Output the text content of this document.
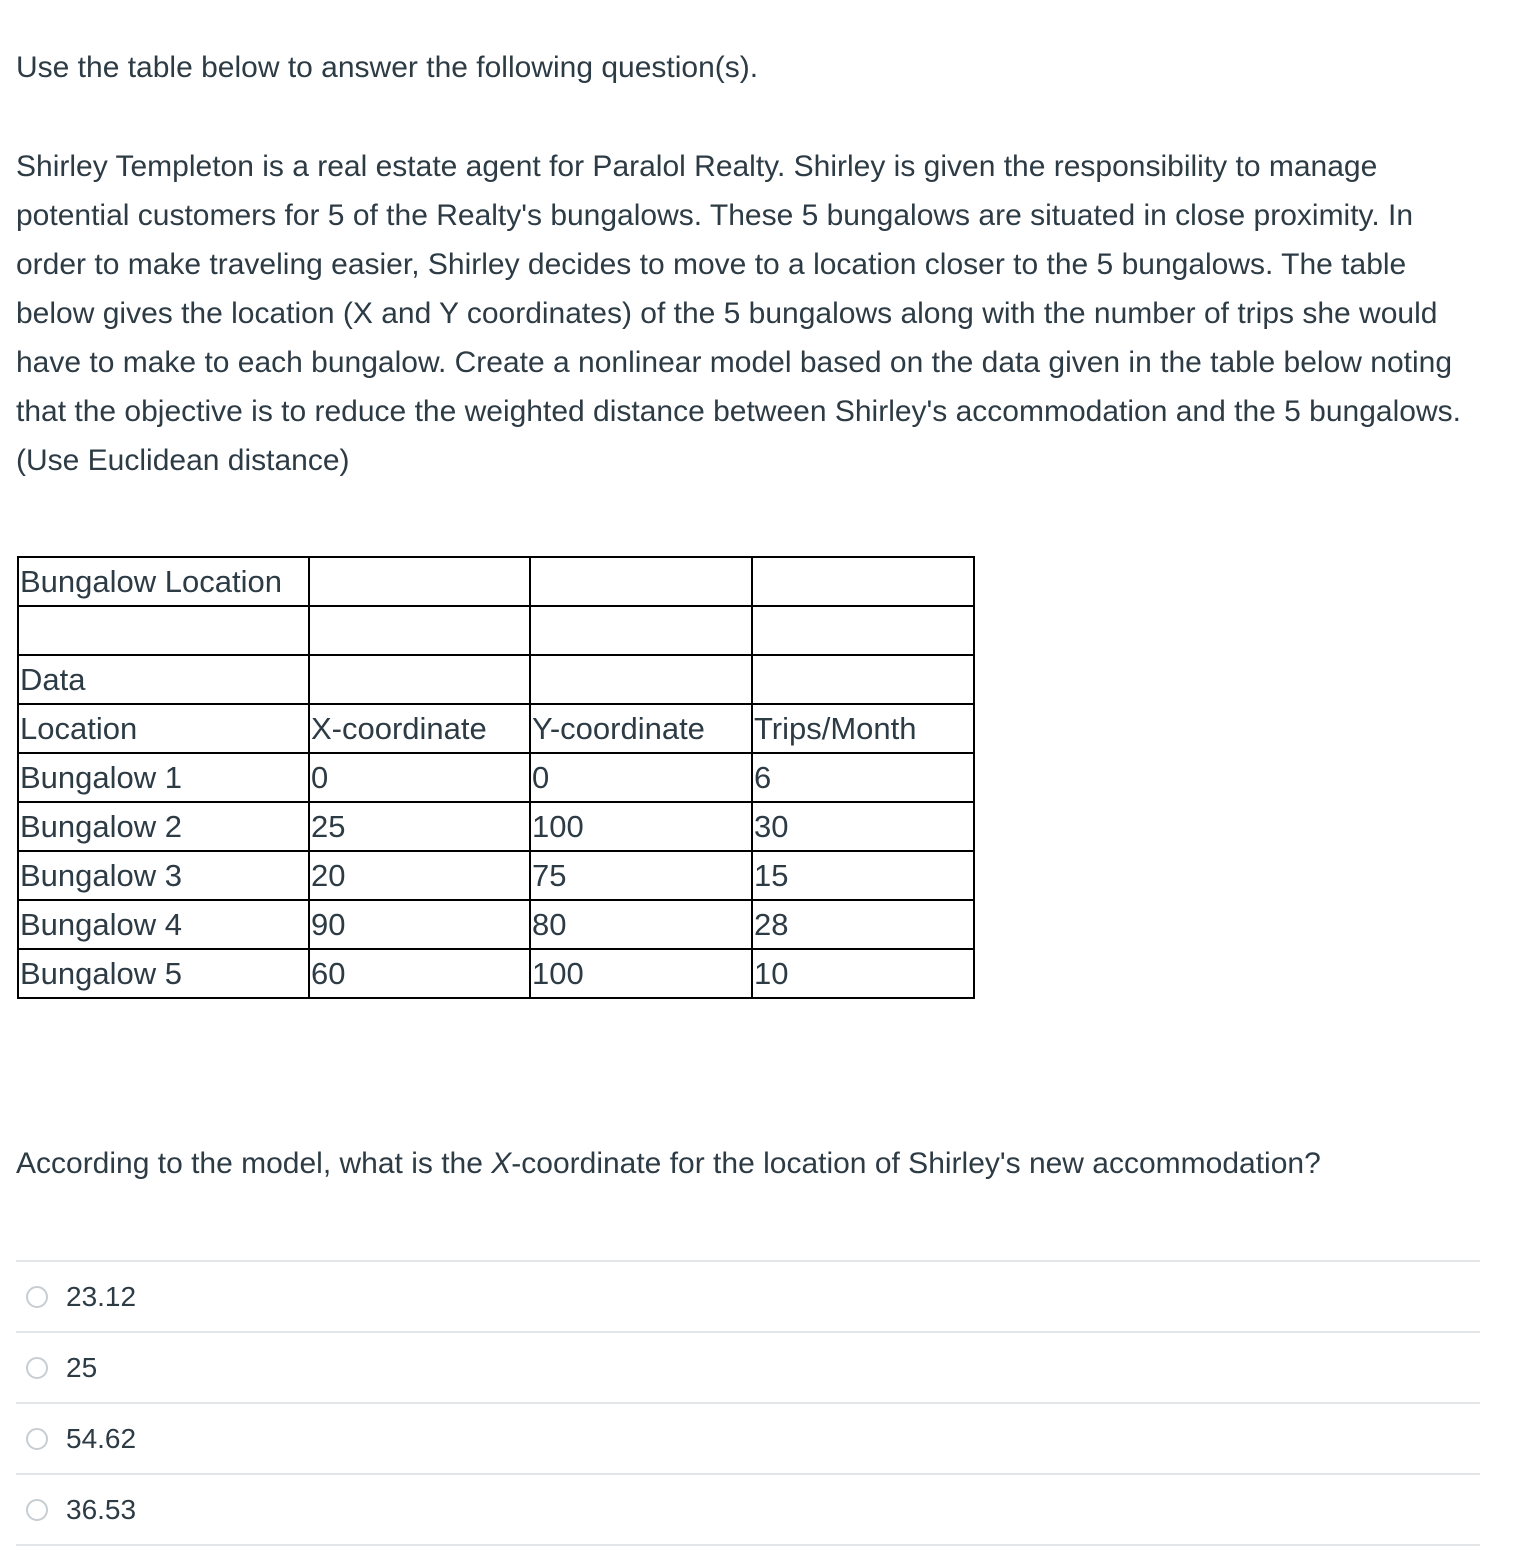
Use the table below to answer the following question(s).

Shirley Templeton is a real estate agent for Paralol Realty. Shirley is given the responsibility to manage potential customers for 5 of the Realty's bungalows. These 5 bungalows are situated in close proximity. In order to make traveling easier, Shirley decides to move to a location closer to the 5 bungalows. The table below gives the location (X and Y coordinates) of the 5 bungalows along with the number of trips she would have to make to each bungalow. Create a nonlinear model based on the data given in the table below noting that the objective is to reduce the weighted distance between Shirley's accommodation and the 5 bungalows. (Use Euclidean distance)

Bungalow Location			

Data			
Location	X-coordinate	Y-coordinate	Trips/Month
Bungalow 1	0	0	6
Bungalow 2	25	100	30
Bungalow 3	20	75	15
Bungalow 4	90	80	28
Bungalow 5	60	100	10

According to the model, what is the X-coordinate for the location of Shirley's new accommodation?

23.12
25
54.62
36.53
